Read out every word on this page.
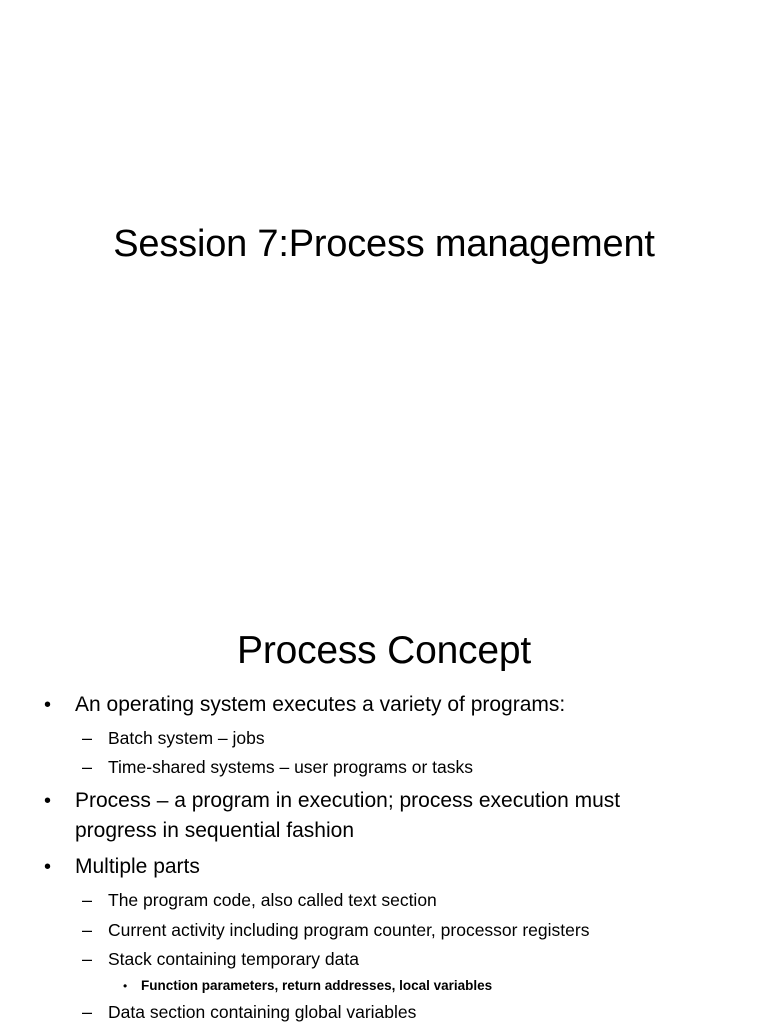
Session 7:Process management
Process Concept
• An operating system executes a variety of programs:
– Batch system – jobs
– Time-shared systems – user programs or tasks
• Process – a program in execution; process execution must
progress in sequential fashion
• Multiple parts
– The program code, also called text section
– Current activity including program counter, processor registers
– Stack containing temporary data
• Function parameters, return addresses, local variables
– Data section containing global variables
